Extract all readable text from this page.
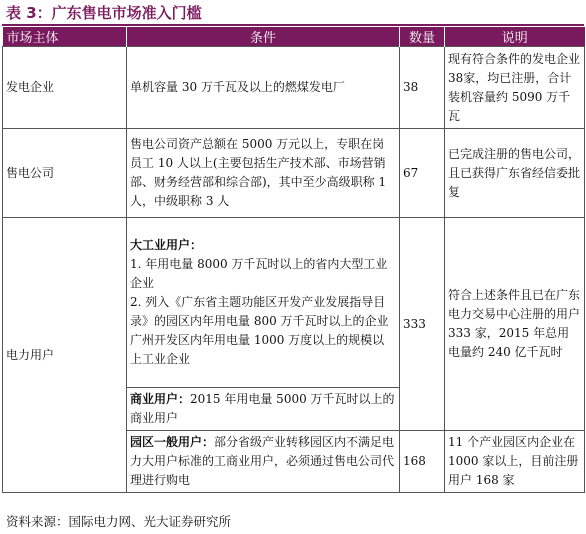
表 3：广东售电市场准入门槛
市场主体	条件	数量	说明
发电企业	单机容量 30 万千瓦及以上的燃煤发电厂	38	现有符合条件的发电企业38家，均已注册，合计装机容量约 5090 万千瓦
售电公司	售电公司资产总额在 5000 万元以上，专职在岗员工 10 人以上(主要包括生产技术部、市场营销部、财务经营部和综合部)，其中至少高级职称 1 人，中级职称 3 人	67	已完成注册的售电公司，且已获得广东省经信委批复
电力用户	大工业用户：
1. 年用电量 8000 万千瓦时以上的省内大型工业企业
2. 列入《广东省主题功能区开发产业发展指导目录》的园区内年用电量 800 万千瓦时以上的企业
广州开发区内年用电量 1000 万度以上的规模以上工业企业	333	符合上述条件且已在广东电力交易中心注册的用户 333 家，2015 年总用电量约 240 亿千瓦时
	商业用户：2015 年用电量 5000 万千瓦时以上的商业用户		
	园区一般用户：部分省级产业转移园区内不满足电力大用户标准的工商业用户，必须通过售电公司代理进行购电	168	11 个产业园区内企业在 1000 家以上，目前注册用户 168 家
资料来源：国际电力网、光大证券研究所
